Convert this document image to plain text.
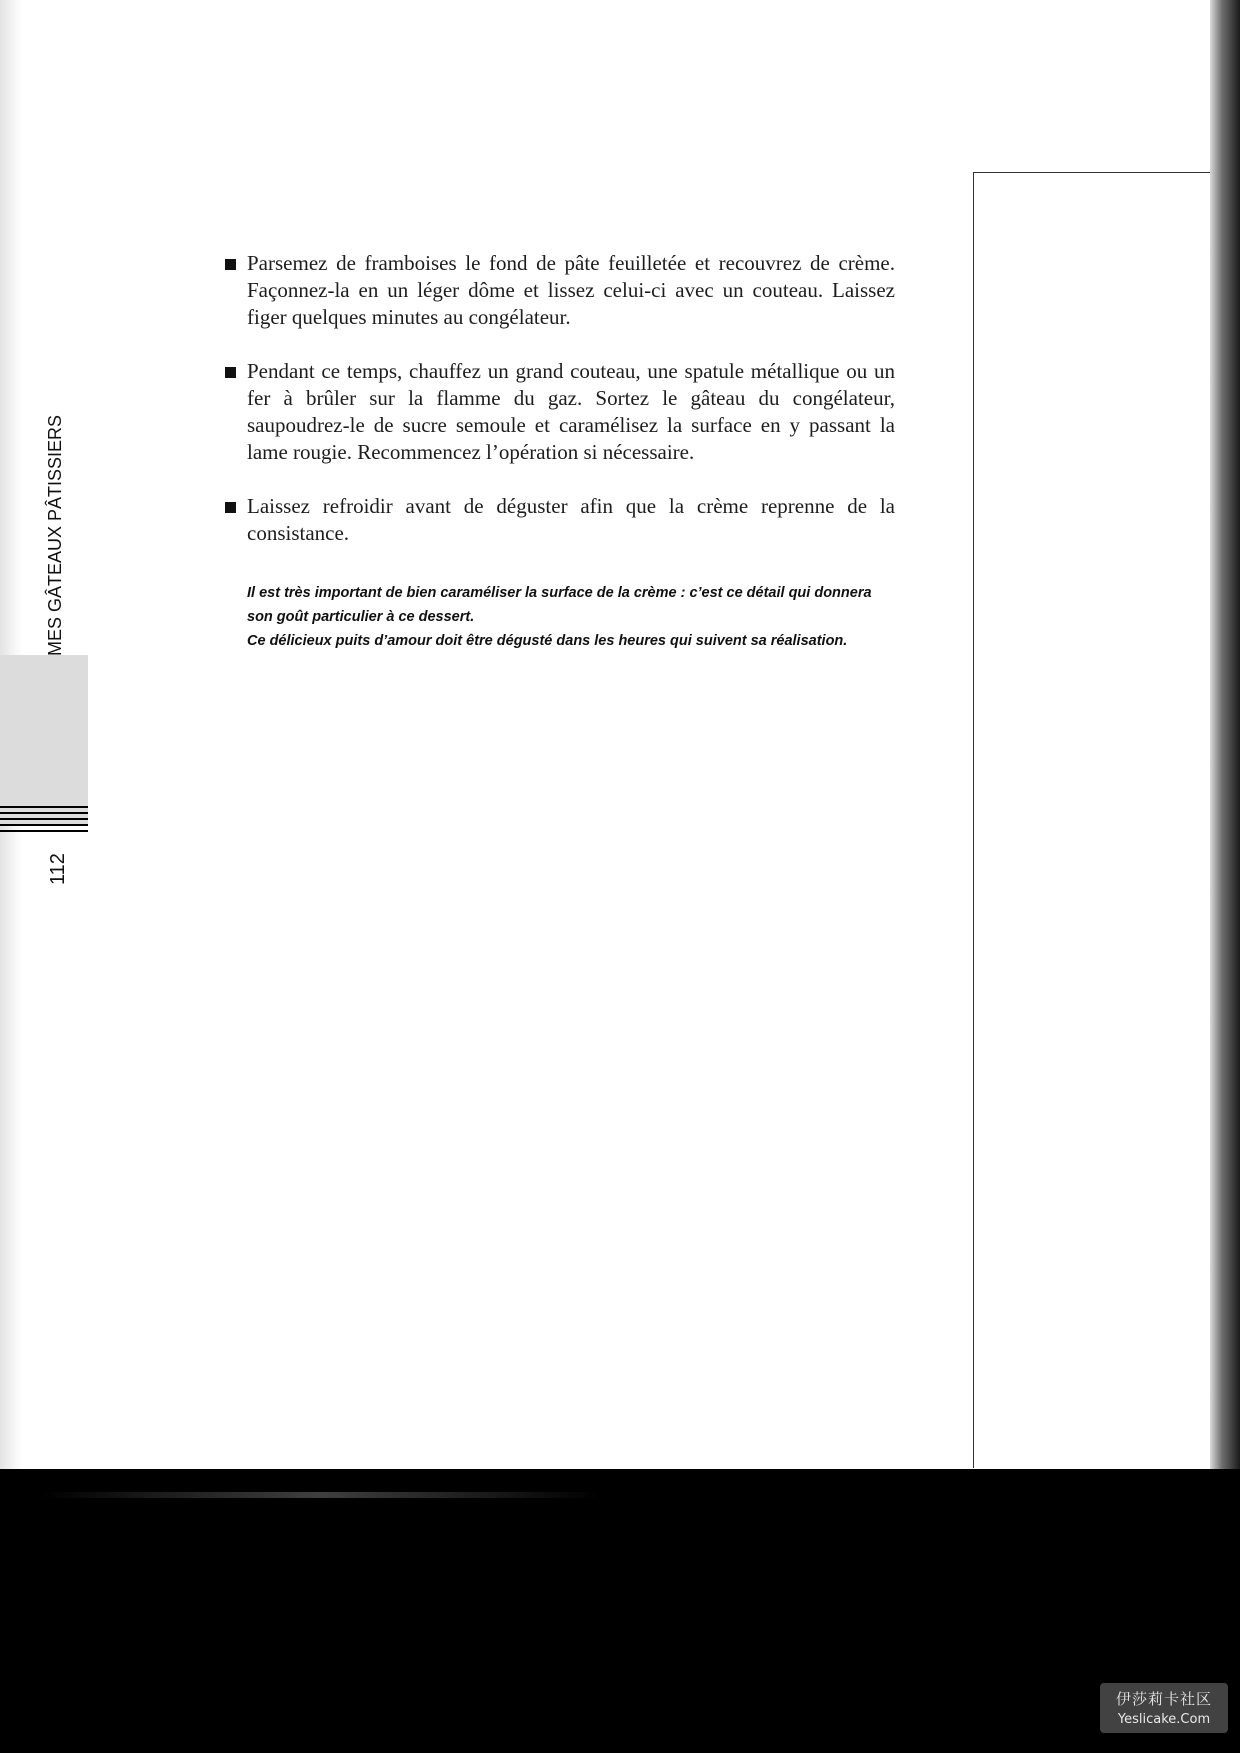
MES GÂTEAUX PÂTISSIERS
112
Parsemez de framboises le fond de pâte feuilletée et recouvrez de crème. Façonnez-la en un léger dôme et lissez celui-ci avec un couteau. Laissez figer quelques minutes au congélateur.
Pendant ce temps, chauffez un grand couteau, une spatule métallique ou un fer à brûler sur la flamme du gaz. Sortez le gâteau du congélateur, saupoudrez-le de sucre semoule et caramélisez la surface en y passant la lame rougie. Recommencez l’opération si nécessaire.
Laissez refroidir avant de déguster afin que la crème reprenne de la consistance.

Il est très important de bien caraméliser la surface de la crème : c’est ce détail qui donnera son goût particulier à ce dessert.

Ce délicieux puits d’amour doit être dégusté dans les heures qui suivent sa réalisation.

伊莎莉卡社区
Yeslicake.Com
